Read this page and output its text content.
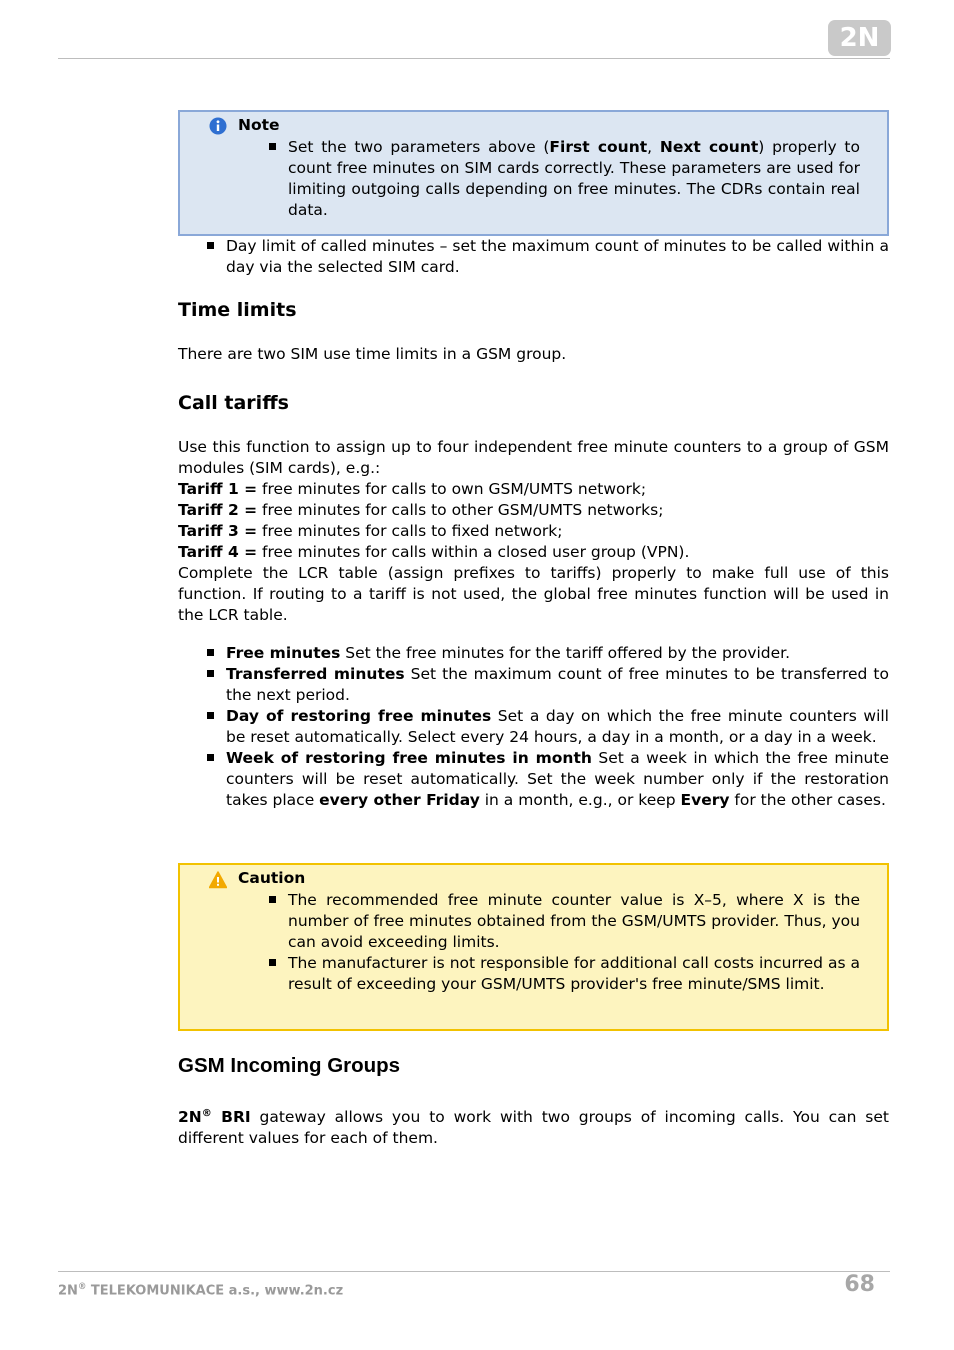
2N
Note
Set the two parameters above (First count, Next count) properly to count free minutes on SIM cards correctly. These parameters are used for limiting outgoing calls depending on free minutes. The CDRs contain real data.
Day limit of called minutes – set the maximum count of minutes to be called within a day via the selected SIM card.
Time limits
There are two SIM use time limits in a GSM group.
Call tariffs

Use this function to assign up to four independent free minute counters to a group of GSM modules (SIM cards), e.g.:

Tariff 1 = free minutes for calls to own GSM/UMTS network;

Tariff 2 = free minutes for calls to other GSM/UMTS networks;

Tariff 3 = free minutes for calls to fixed network;

Tariff 4 = free minutes for calls within a closed user group (VPN).

Complete the LCR table (assign prefixes to tariffs) properly to make full use of this function. If routing to a tariff is not used, the global free minutes function will be used in the LCR table.

Free minutes Set the free minutes for the tariff offered by the provider.
Transferred minutes Set the maximum count of free minutes to be transferred to the next period.
Day of restoring free minutes Set a day on which the free minute counters will be reset automatically. Select every 24 hours, a day in a month, or a day in a week.
Week of restoring free minutes in month Set a week in which the free minute counters will be reset automatically. Set the week number only if the restoration takes place every other Friday in a month, e.g., or keep Every for the other cases.
Caution
The recommended free minute counter value is X–5, where X is the number of free minutes obtained from the GSM/UMTS provider. Thus, you can avoid exceeding limits.
The manufacturer is not responsible for additional call costs incurred as a result of exceeding your GSM/UMTS provider's free minute/SMS limit.
GSM Incoming Groups
2N® BRI gateway allows you to work with two groups of incoming calls. You can set different values for each of them.
2N® TELEKOMUNIKACE a.s., www.2n.cz	68
